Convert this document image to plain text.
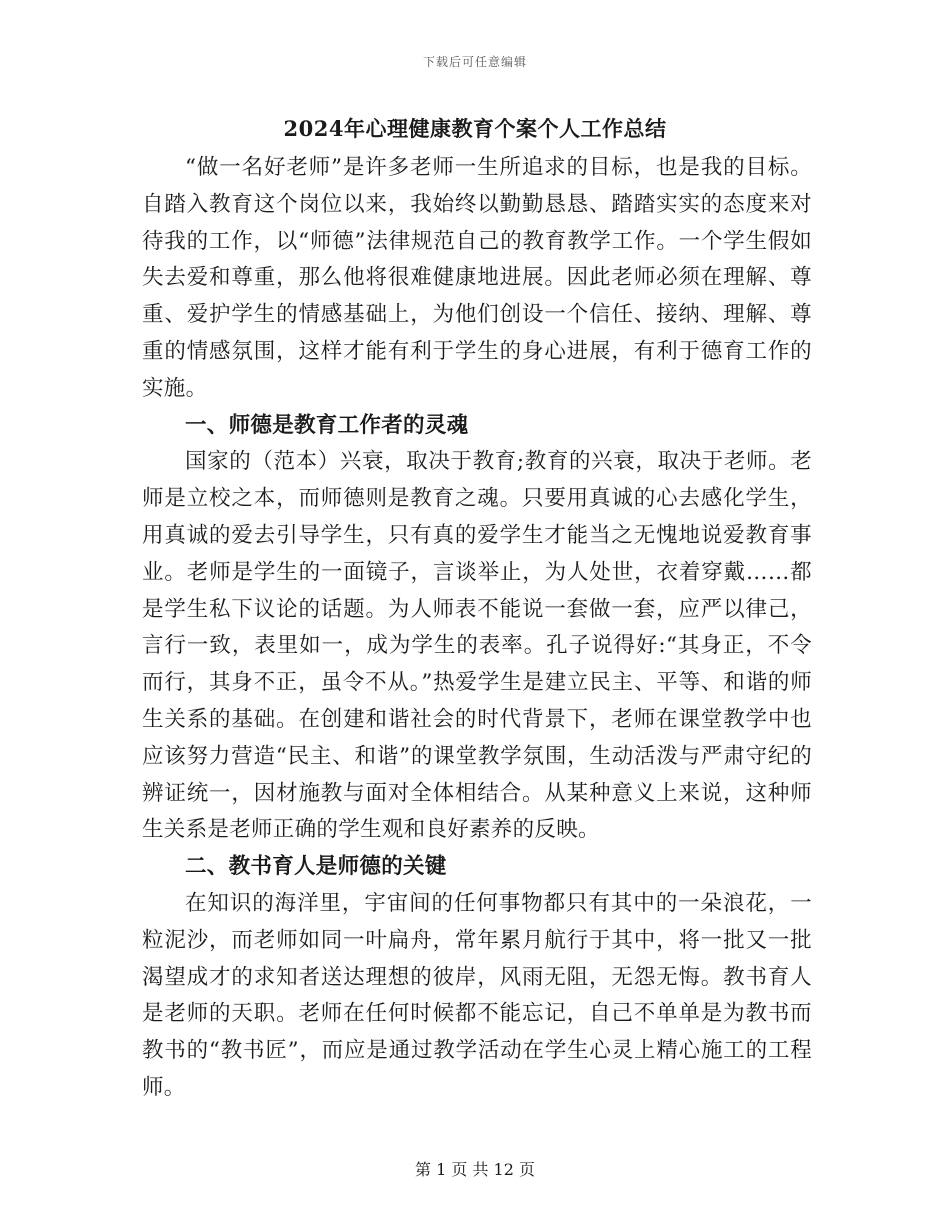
下载后可任意编辑
2024年心理健康教育个案个人工作总结

“做一名好老师”是许多老师一生所追求的目标，也是我的目标。自踏入教育这个岗位以来，我始终以勤勤恳恳、踏踏实实的态度来对待我的工作，以“师德”法律规范自己的教育教学工作。一个学生假如失去爱和尊重，那么他将很难健康地进展。因此老师必须在理解、尊重、爱护学生的情感基础上，为他们创设一个信任、接纳、理解、尊重的情感氛围，这样才能有利于学生的身心进展，有利于德育工作的实施。

一、师德是教育工作者的灵魂

国家的（范本）兴衰，取决于教育;教育的兴衰，取决于老师。老师是立校之本，而师德则是教育之魂。只要用真诚的心去感化学生，用真诚的爱去引导学生，只有真的爱学生才能当之无愧地说爱教育事业。老师是学生的一面镜子，言谈举止，为人处世，衣着穿戴……都是学生私下议论的话题。为人师表不能说一套做一套，应严以律己，言行一致，表里如一，成为学生的表率。孔子说得好:“其身正，不令而行，其身不正，虽令不从。”热爱学生是建立民主、平等、和谐的师生关系的基础。在创建和谐社会的时代背景下，老师在课堂教学中也应该努力营造“民主、和谐”的课堂教学氛围，生动活泼与严肃守纪的辨证统一，因材施教与面对全体相结合。从某种意义上来说，这种师生关系是老师正确的学生观和良好素养的反映。

二、教书育人是师德的关键

在知识的海洋里，宇宙间的任何事物都只有其中的一朵浪花，一粒泥沙，而老师如同一叶扁舟，常年累月航行于其中，将一批又一批渴望成才的求知者送达理想的彼岸，风雨无阻，无怨无悔。教书育人是老师的天职。老师在任何时候都不能忘记，自己不单单是为教书而教书的“教书匠”，而应是通过教学活动在学生心灵上精心施工的工程师。

第 1 页 共 12 页
